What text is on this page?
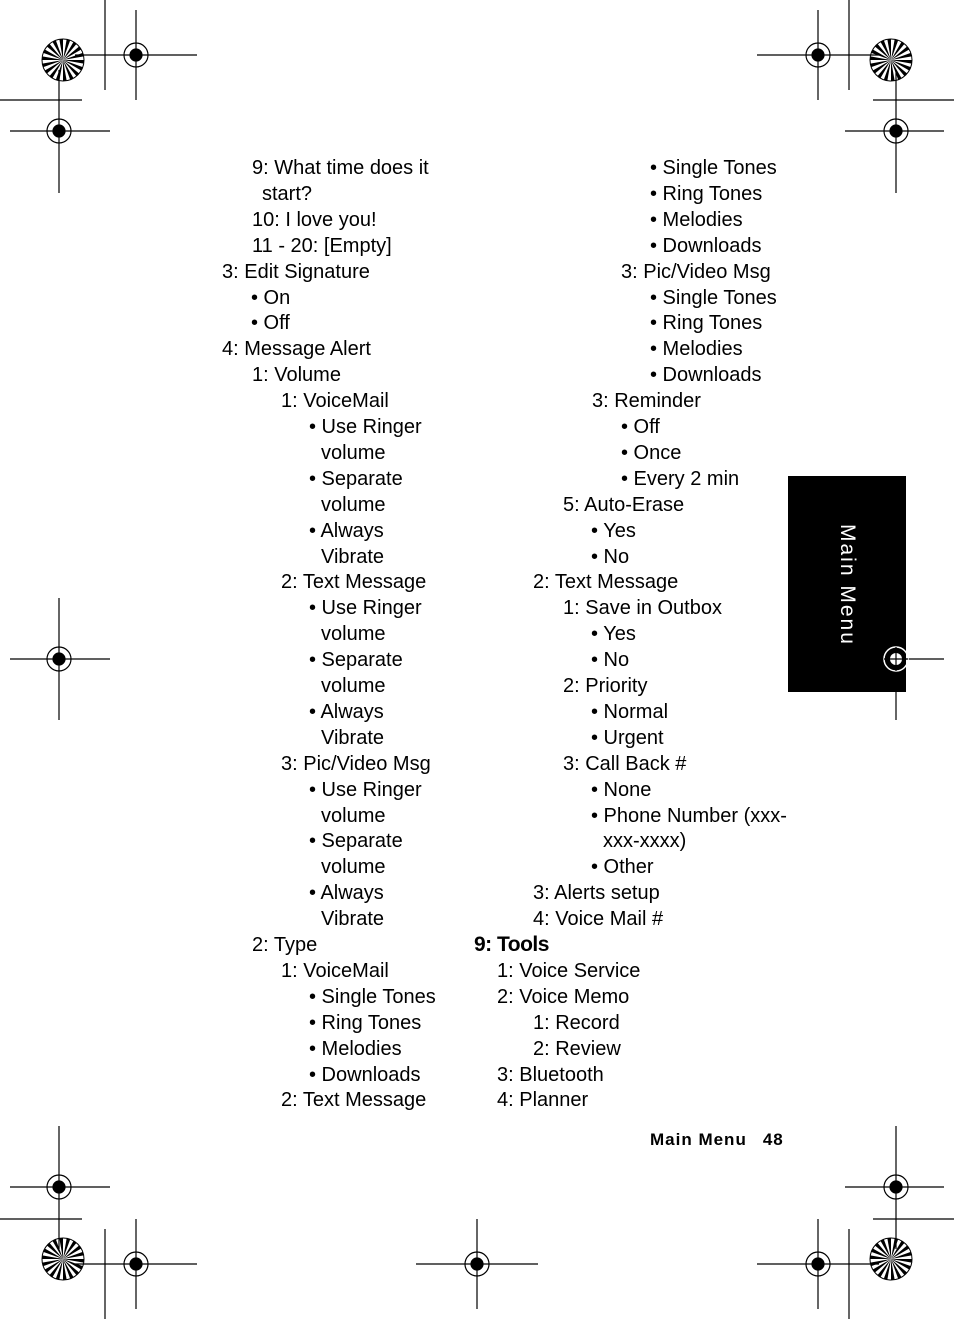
Main Menu
9: What time does it
start?
10: I love you!
11 - 20: [Empty]
3: Edit Signature
• On
• Off
4: Message Alert
1: Volume
1: VoiceMail
• Use Ringer
volume
• Separate
volume
• Always
Vibrate
2: Text Message
• Use Ringer
volume
• Separate
volume
• Always
Vibrate
3: Pic/Video Msg
• Use Ringer
volume
• Separate
volume
• Always
Vibrate
2: Type
1: VoiceMail
• Single Tones
• Ring Tones
• Melodies
• Downloads
2: Text Message
• Single Tones
• Ring Tones
• Melodies
• Downloads
3: Pic/Video Msg
• Single Tones
• Ring Tones
• Melodies
• Downloads
3: Reminder
• Off
• Once
• Every 2 min
5: Auto-Erase
• Yes
• No
2: Text Message
1: Save in Outbox
• Yes
• No
2: Priority
• Normal
• Urgent
3: Call Back #
• None
• Phone Number (xxx-
xxx-xxxx)
• Other
3: Alerts setup
4: Voice Mail #
9: Tools
1: Voice Service
2: Voice Memo
1: Record
2: Review
3: Bluetooth
4: Planner
Main Menu 48
